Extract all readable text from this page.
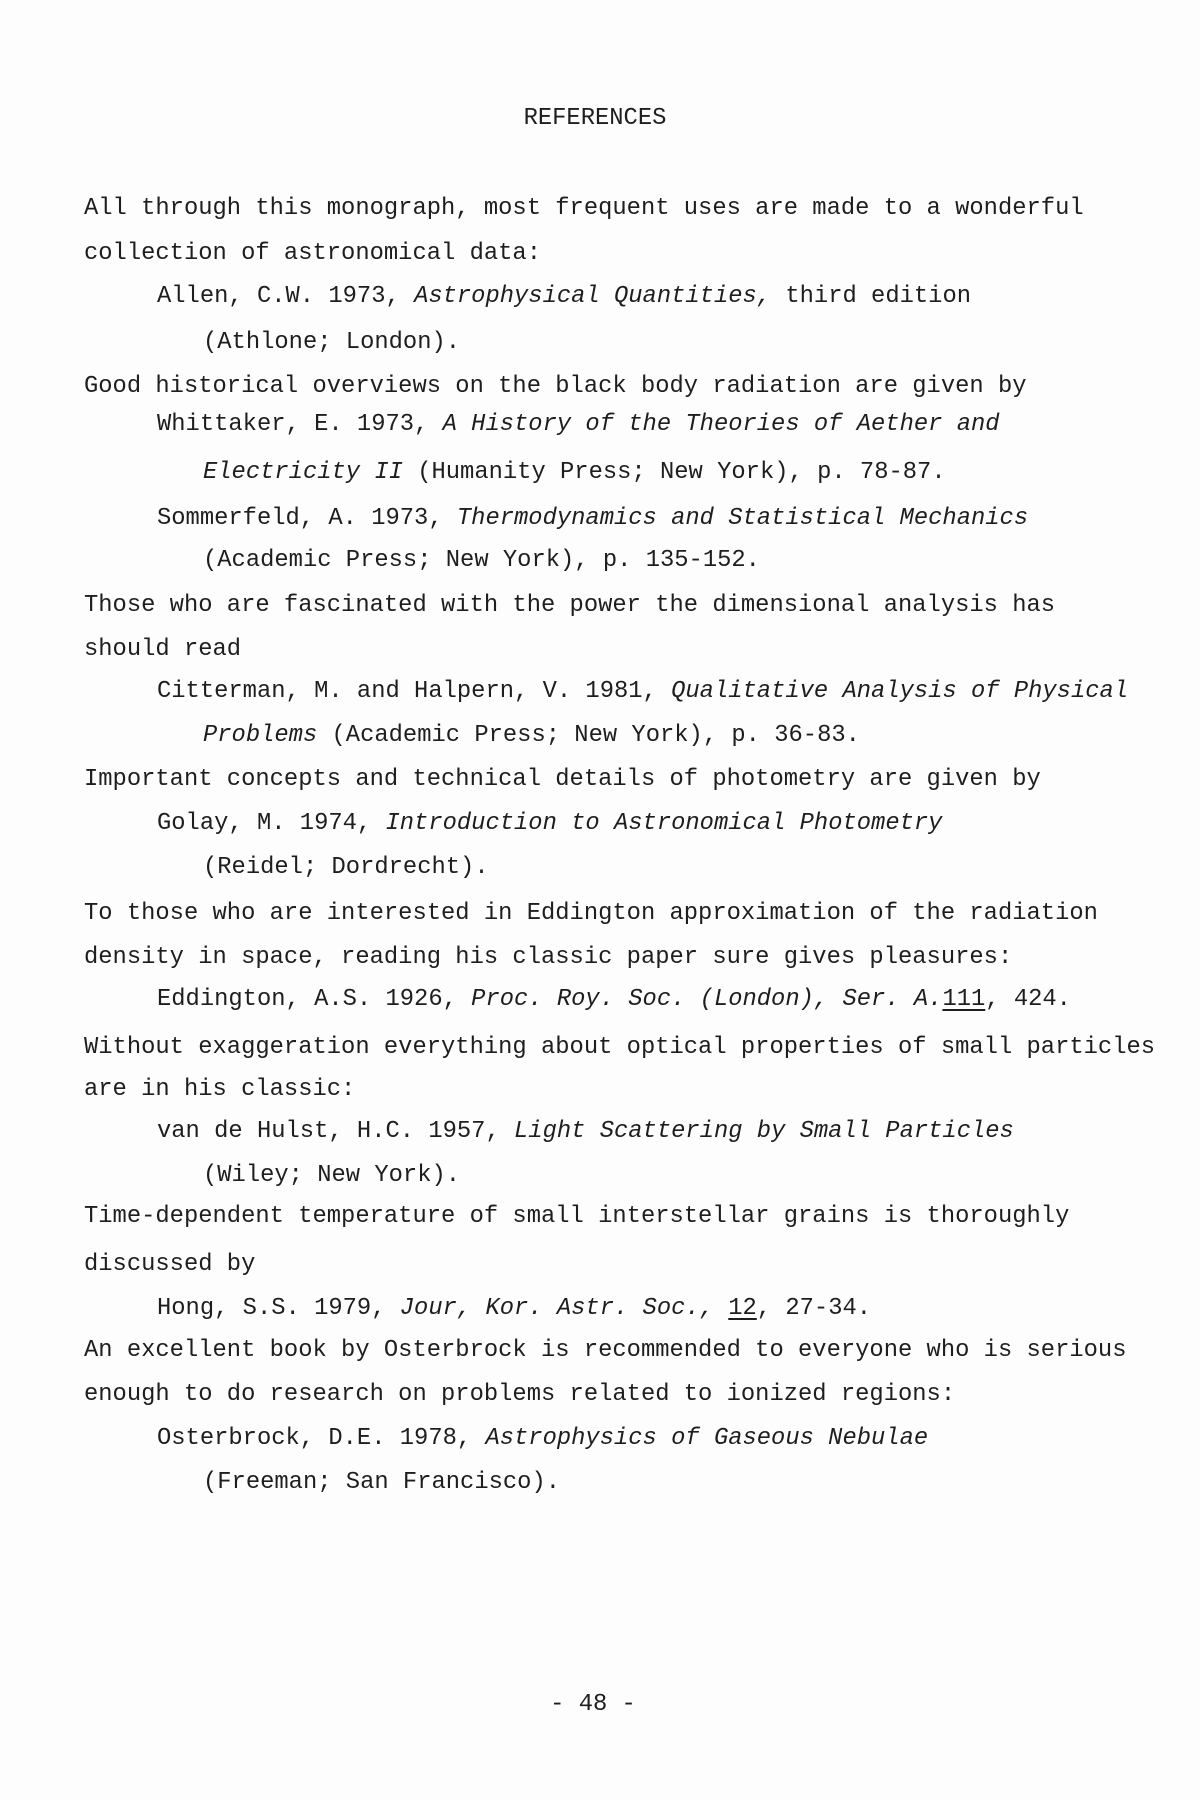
REFERENCES
All through this monograph, most frequent uses are made to a wonderful
collection of astronomical data:
Allen, C.W. 1973, Astrophysical Quantities, third edition
(Athlone; London).
Good historical overviews on the black body radiation are given by
Whittaker, E. 1973, A History of the Theories of Aether and
Electricity II (Humanity Press; New York), p. 78-87.
Sommerfeld, A. 1973, Thermodynamics and Statistical Mechanics
(Academic Press; New York), p. 135-152.
Those who are fascinated with the power the dimensional analysis has
should read
Citterman, M. and Halpern, V. 1981, Qualitative Analysis of Physical
Problems (Academic Press; New York), p. 36-83.
Important concepts and technical details of photometry are given by
Golay, M. 1974, Introduction to Astronomical Photometry
(Reidel; Dordrecht).
To those who are interested in Eddington approximation of the radiation
density in space, reading his classic paper sure gives pleasures:
Eddington, A.S. 1926, Proc. Roy. Soc. (London), Ser. A.111, 424.
Without exaggeration everything about optical properties of small particles
are in his classic:
van de Hulst, H.C. 1957, Light Scattering by Small Particles
(Wiley; New York).
Time-dependent temperature of small interstellar grains is thoroughly
discussed by
Hong, S.S. 1979, Jour, Kor. Astr. Soc., 12, 27-34.
An excellent book by Osterbrock is recommended to everyone who is serious
enough to do research on problems related to ionized regions:
Osterbrock, D.E. 1978, Astrophysics of Gaseous Nebulae
(Freeman; San Francisco).
- 48 -
